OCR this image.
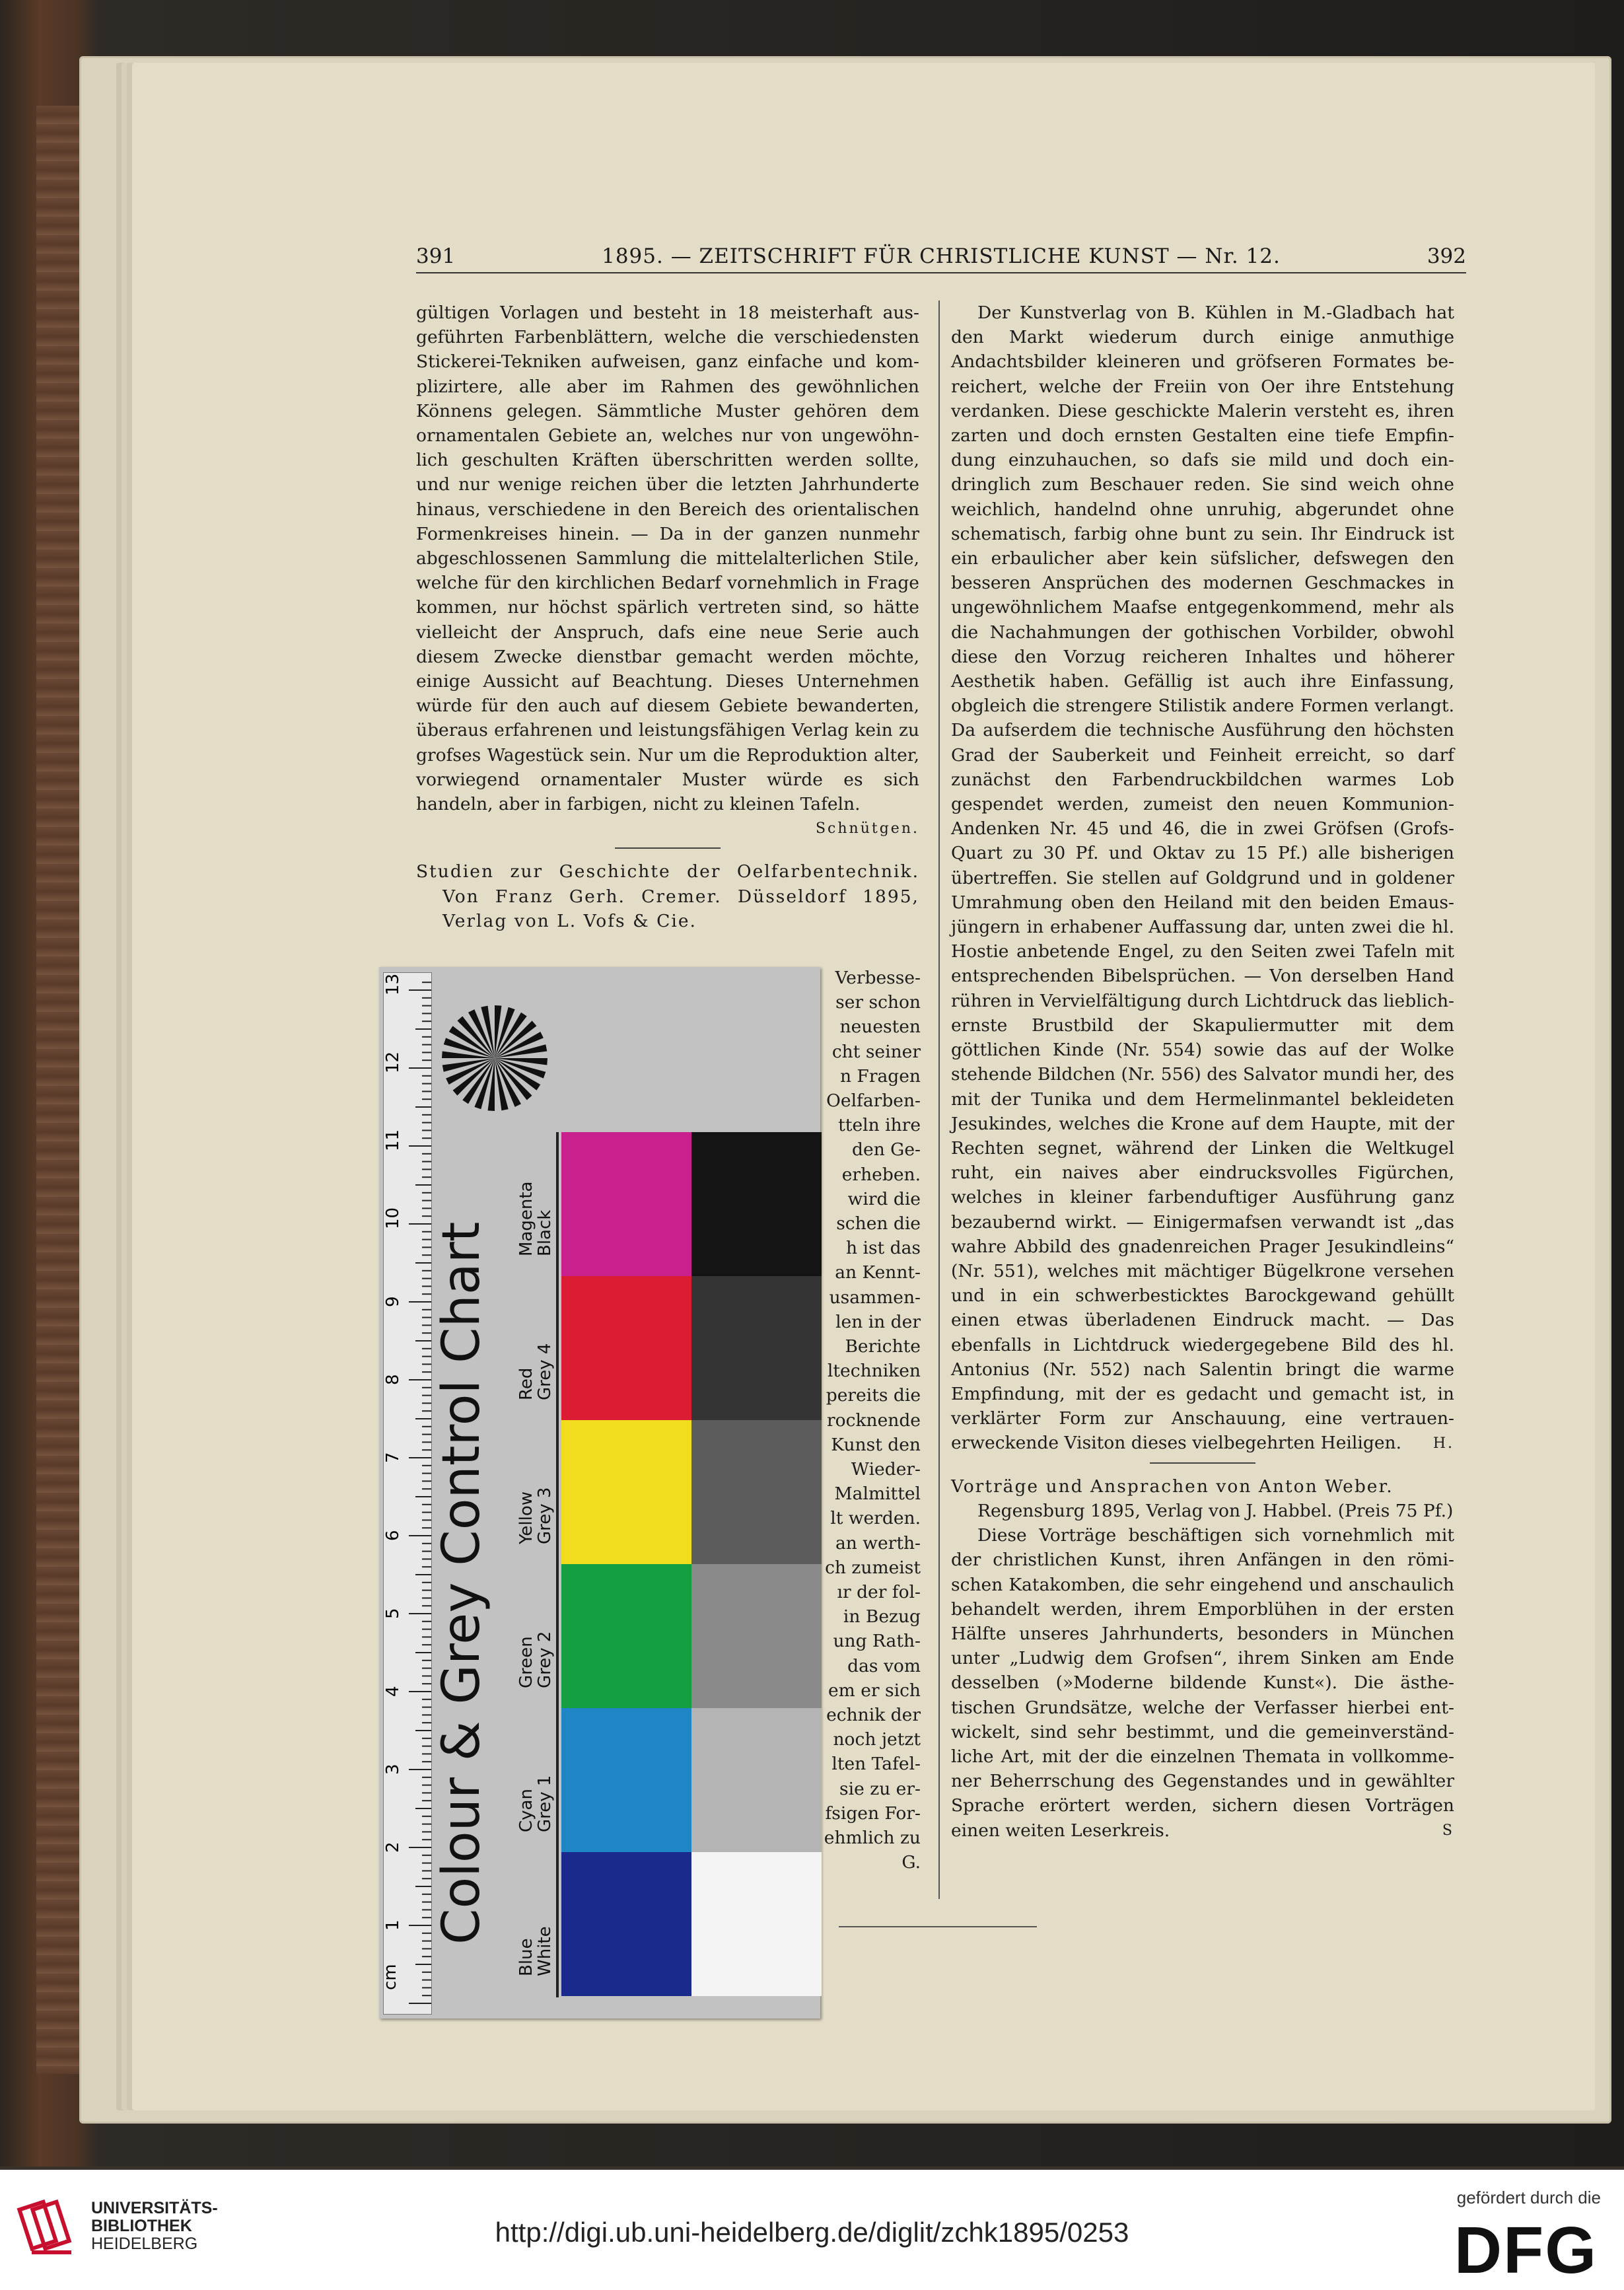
391	1895. — ZEITSCHRIFT FÜR CHRISTLICHE KUNST — Nr. 12.	392

gültigen Vorlagen und besteht in 18 meisterhaft ausgeführten Farbenblättern, welche die verschiedensten Stickerei-Tekniken aufweisen, ganz einfache und komplizirtere, alle aber im Rahmen des gewöhnlichen Könnens gelegen. Sämmtliche Muster gehören dem ornamentalen Gebiete an, welches nur von ungewöhnlich geschulten Kräften überschritten werden sollte, und nur wenige reichen über die letzten Jahrhunderte hinaus, verschiedene in den Bereich des orientalischen Formenkreises hinein. — Da in der ganzen nunmehr abgeschlossenen Sammlung die mittelalterlichen Stile, welche für den kirchlichen Bedarf vornehmlich in Frage kommen, nur höchst spärlich vertreten sind, so hätte vielleicht der Anspruch, dafs eine neue Serie auch diesem Zwecke dienstbar gemacht werden möchte, einige Aussicht auf Beachtung. Dieses Unternehmen würde für den auch auf diesem Gebiete bewanderten, überaus erfahrenen und leistungsfähigen Verlag kein zu grofses Wagestück sein. Nur um die Reproduktion alter, vorwiegend ornamentaler Muster würde es sich handeln, aber in farbigen, nicht zu kleinen Tafeln.

Schnütgen.

Studien zur Geschichte der Oelfarbentechnik. Von Franz Gerh. Cremer. Düsseldorf 1895, Verlag von L. Vofs & Cie.

Verbesse-
ser schon
neuesten
cht seiner
n Fragen
Oelfarben-
tteln ihre
den Ge-
erheben.
wird die
schen die
h ist das
an Kennt-
usammen-
len in der
Berichte
ltechniken
pereits die
rocknende
Kunst den
Wieder-
Malmittel
lt werden.
an werth-
ch zumeist
ır der fol-
in Bezug
ung Rath-
das vom
em er sich
echnik der
noch jetzt
lten Tafel-
sie zu er-
fsigen For-
ehmlich zu
G.

Der Kunstverlag von B. Kühlen in M.-Gladbach hat den Markt wiederum durch einige anmuthige Andachtsbilder kleineren und gröfseren Formates bereichert, welche der Freiin von Oer ihre Entstehung verdanken. Diese geschickte Malerin versteht es, ihren zarten und doch ernsten Gestalten eine tiefe Empfindung einzuhauchen, so dafs sie mild und doch eindringlich zum Beschauer reden. Sie sind weich ohne weichlich, handelnd ohne unruhig, abgerundet ohne schematisch, farbig ohne bunt zu sein. Ihr Eindruck ist ein erbaulicher aber kein süfslicher, defswegen den besseren Ansprüchen des modernen Geschmackes in ungewöhnlichem Maafse entgegenkommend, mehr als die Nachahmungen der gothischen Vorbilder, obwohl diese den Vorzug reicheren Inhaltes und höherer Aesthetik haben. Gefällig ist auch ihre Einfassung, obgleich die strengere Stilistik andere Formen verlangt. Da aufserdem die technische Ausführung den höchsten Grad der Sauberkeit und Feinheit erreicht, so darf zunächst den Farbendruckbildchen warmes Lob gespendet werden, zumeist den neuen Kommunion-Andenken Nr. 45 und 46, die in zwei Gröfsen (Grofs-Quart zu 30 Pf. und Oktav zu 15 Pf.) alle bisherigen übertreffen. Sie stellen auf Goldgrund und in goldener Umrahmung oben den Heiland mit den beiden Emausjüngern in erhabener Auffassung dar, unten zwei die hl. Hostie anbetende Engel, zu den Seiten zwei Tafeln mit entsprechenden Bibelsprüchen. — Von derselben Hand rühren in Vervielfältigung durch Lichtdruck das lieblich-ernste Brustbild der Skapuliermutter mit dem göttlichen Kinde (Nr. 554) sowie das auf der Wolke stehende Bildchen (Nr. 556) des Salvator mundi her, des mit der Tunika und dem Hermelinmantel bekleideten Jesukindes, welches die Krone auf dem Haupte, mit der Rechten segnet, während der Linken die Weltkugel ruht, ein naives aber eindrucksvolles Figürchen, welches in kleiner farbenduftiger Ausführung ganz bezaubernd wirkt. — Einigermafsen verwandt ist „das wahre Abbild des gnadenreichen Prager Jesukindleins“ (Nr. 551), welches mit mächtiger Bügelkrone versehen und in ein schwerbesticktes Barockgewand gehüllt einen etwas überladenen Eindruck macht. — Das ebenfalls in Lichtdruck wiedergegebene Bild des hl. Antonius (Nr. 552) nach Salentin bringt die warme Empfindung, mit der es gedacht und gemacht ist, in verklärter Form zur Anschauung, eine vertrauenerweckende Visiton dieses vielbegehrten Heiligen.	H.

Vorträge und Ansprachen von Anton Weber.

Regensburg 1895, Verlag von J. Habbel. (Preis 75 Pf.)

Diese Vorträge beschäftigen sich vornehmlich mit der christlichen Kunst, ihren Anfängen in den römischen Katakomben, die sehr eingehend und anschaulich behandelt werden, ihrem Emporblühen in der ersten Hälfte unseres Jahrhunderts, besonders in München unter „Ludwig dem Grofsen“, ihrem Sinken am Ende desselben (»Moderne bildende Kunst«). Die ästhetischen Grundsätze, welche der Verfasser hierbei entwickelt, sind sehr bestimmt, und die gemeinverständliche Art, mit der die einzelnen Themata in vollkommener Beherrschung des Gegenstandes und in gewählter Sprache erörtert werden, sichern diesen Vorträgen einen weiten Leserkreis.	S

cm
1
2
3
4
5
6
7
8
9
10
11
12
13
Colour & Grey Control Chart
Blue
White
Cyan
Grey 1
Green
Grey 2
Yellow
Grey 3
Red
Grey 4
Magenta
Black
UNIVERSITÄTS-
BIBLIOTHEK
HEIDELBERG	http://digi.ub.uni-heidelberg.de/diglit/zchk1895/0253
gefördert durch die
DFG
